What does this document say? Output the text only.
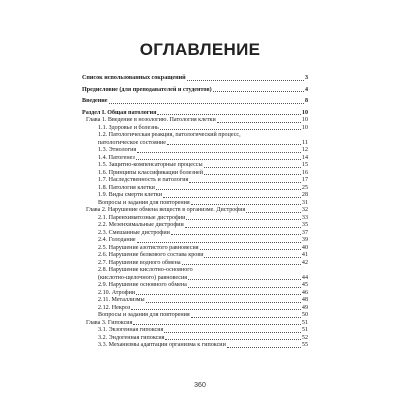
ОГЛАВЛЕНИЕ
Список использованных сокращений	3
Предисловие (для преподавателей и студентов)	4
Введение	8
Раздел I. Общая патология	10
Глава 1. Введение в нозологию. Патология клетки	10
1.1. Здоровье и болезнь	10
1.2. Патологическая реакция, патологический процесс,
патологическое состояние	11
1.3. Этиология	12
1.4. Патогенез	14
1.5. Защитно-компенсаторные процессы	15
1.6. Принципы классификации болезней	16
1.7. Наследственность и патология	17
1.8. Патология клетки	25
1.9. Виды смерти клетки	28
Вопросы и задания для повторения	31
Глава 2. Нарушение обмена веществ в организме. Дистрофия	32
2.1. Паренхиматозные дистрофии	33
2.2. Мезенхимальные дистрофии	35
2.3. Смешанные дистрофии	37
2.4. Голодание	39
2.5. Нарушение азотистого равновесия	40
2.6. Нарушение белкового состава крови	41
2.7. Нарушение водного обмена	42
2.8. Нарушение кислотно-основного
(кислотно-щелочного) равновесия	44
2.9. Нарушение основного обмена	45
2.10. Атрофии	46
2.11. Металлизмы	48
2.12. Некроз	49
Вопросы и задания для повторения	50
Глава 3. Гипоксия	51
3.1. Экзогенная гипоксия	51
3.2. Эндогенная гипоксия	52
3.3. Механизмы адаптации организма к гипоксии	55
360
